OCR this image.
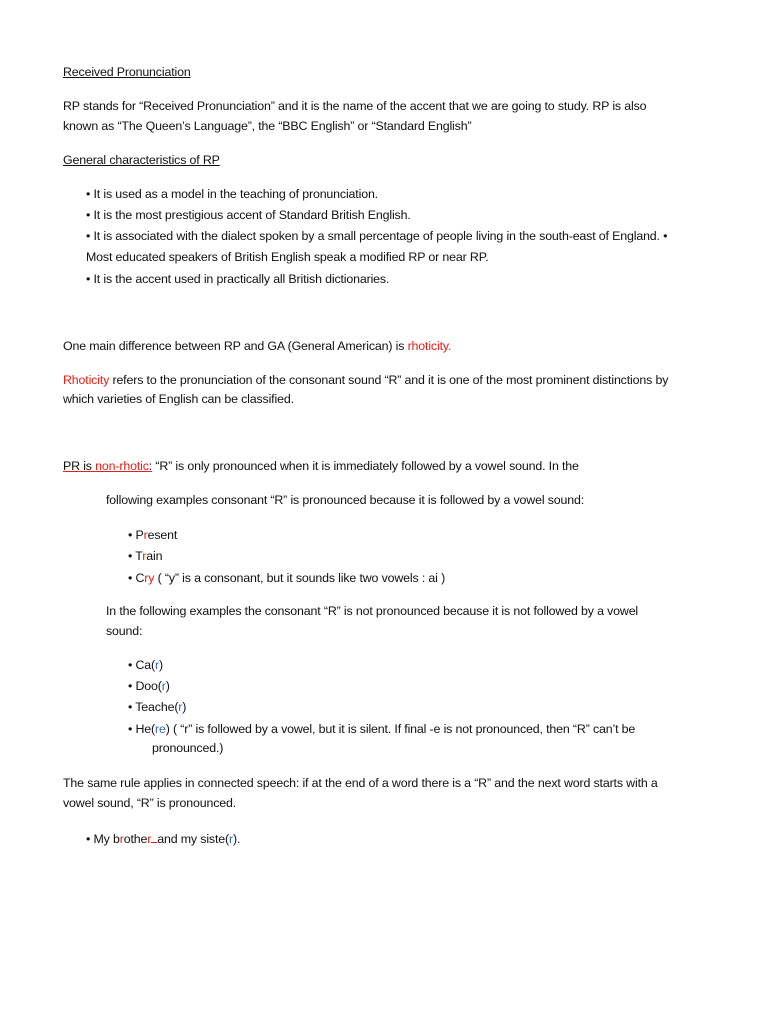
Received Pronunciation

RP stands for “Received Pronunciation” and it is the name of the accent that we are going to study. RP is also

known as “The Queen’s Language”, the “BBC English” or “Standard English”

General characteristics of RP

• It is used as a model in the teaching of pronunciation.

• It is the most prestigious accent of Standard British English.

• It is associated with the dialect spoken by a small percentage of people living in the south-east of England. •

Most educated speakers of British English speak a modified RP or near RP.

• It is the accent used in practically all British dictionaries.

One main difference between RP and GA (General American) is rhoticity.

Rhoticity refers to the pronunciation of the consonant sound “R” and it is one of the most prominent distinctions by

which varieties of English can be classified.

PR is non-rhotic: “R” is only pronounced when it is immediately followed by a vowel sound. In the

following examples consonant “R” is pronounced because it is followed by a vowel sound:

• Present

• Train

• Cry ( “y” is a consonant, but it sounds like two vowels : ai )

In the following examples the consonant “R” is not pronounced because it is not followed by a vowel

sound:

• Ca(r)

• Doo(r)

• Teache(r)

• He(re) ( “r” is followed by a vowel, but it is silent. If final -e is not pronounced, then “R” can’t be

pronounced.)

The same rule applies in connected speech: if at the end of a word there is a “R” and the next word starts with a

vowel sound, “R” is pronounced.

• My brother and my siste(r).
